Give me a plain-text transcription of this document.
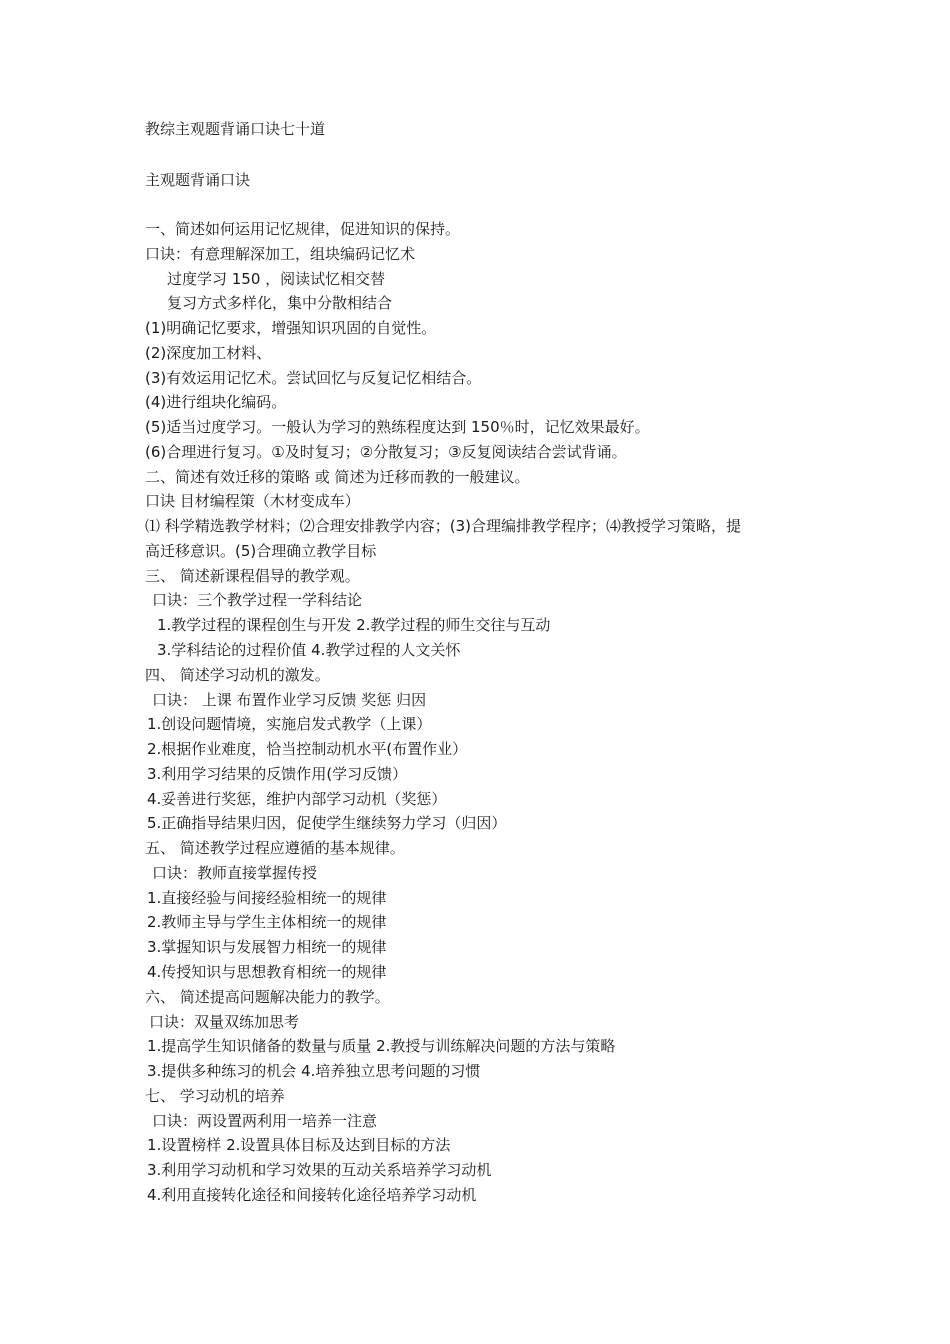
教综主观题背诵口诀七十道
主观题背诵口诀
一、简述如何运用记忆规律，促进知识的保持。
口诀：有意理解深加工，组块编码记忆术
过度学习 150 ，阅读试忆相交替
复习方式多样化，集中分散相结合
(1)明确记忆要求，增强知识巩固的自觉性。
(2)深度加工材料、
(3)有效运用记忆术。尝试回忆与反复记忆相结合。
(4)进行组块化编码。
(5)适当过度学习。一般认为学习的熟练程度达到 150％时，记忆效果最好。
(6)合理进行复习。①及时复习；②分散复习；③反复阅读结合尝试背诵。
二、简述有效迁移的策略 或 简述为迁移而教的一般建议。
口诀 目材编程策（木材变成车）
⑴ 科学精选教学材料；⑵合理安排教学内容；(3)合理编排教学程序；⑷教授学习策略，提
高迁移意识。(5)合理确立教学目标
三、 简述新课程倡导的教学观。
口诀：三个教学过程一学科结论
1.教学过程的课程创生与开发 2.教学过程的师生交往与互动
3.学科结论的过程价值 4.教学过程的人文关怀
四、 简述学习动机的激发。
口诀： 上课 布置作业学习反馈 奖惩 归因
1.创设问题情境，实施启发式教学（上课）
2.根据作业难度，恰当控制动机水平(布置作业）
3.利用学习结果的反馈作用(学习反馈）
4.妥善进行奖惩，维护内部学习动机（奖惩）
5.正确指导结果归因，促使学生继续努力学习（归因）
五、 简述教学过程应遵循的基本规律。
口诀：教师直接掌握传授
1.直接经验与间接经验相统一的规律
2.教师主导与学生主体相统一的规律
3.掌握知识与发展智力相统一的规律
4.传授知识与思想教育相统一的规律
六、 简述提高问题解决能力的教学。
口诀：双量双练加思考
1.提高学生知识储备的数量与质量 2.教授与训练解决问题的方法与策略
3.提供多种练习的机会 4.培养独立思考问题的习惯
七、 学习动机的培养
口诀：两设置两利用一培养一注意
1.设置榜样 2.设置具体目标及达到目标的方法
3.利用学习动机和学习效果的互动关系培养学习动机
4.利用直接转化途径和间接转化途径培养学习动机
